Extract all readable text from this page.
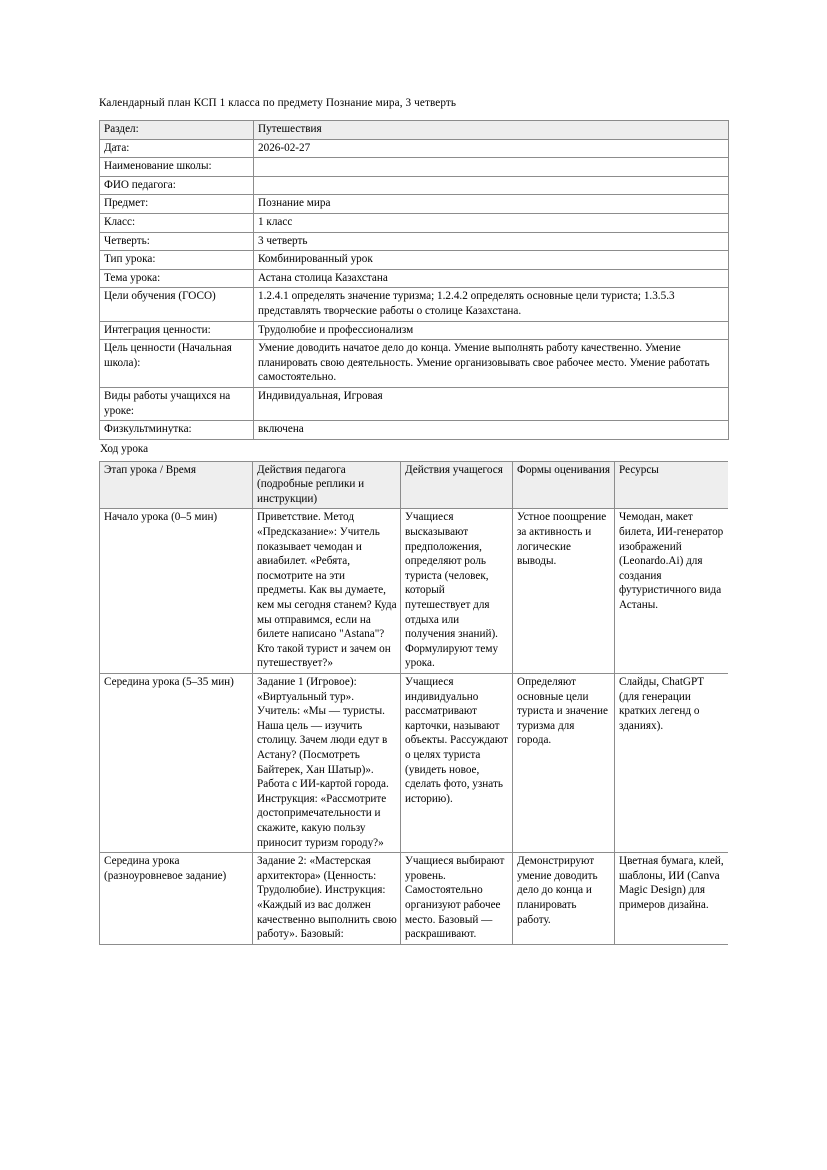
Календарный план КСП 1 класса по предмету Познание мира, 3 четверть

Раздел:	Путешествия
Дата:	2026-02-27
Наименование школы:	
ФИО педагога:	
Предмет:	Познание мира
Класс:	1 класс
Четверть:	3 четверть
Тип урока:	Комбинированный урок
Тема урока:	Астана столица Казахстана
Цели обучения (ГОСО)	1.2.4.1 определять значение туризма; 1.2.4.2 определять основные цели туриста; 1.3.5.3 представлять творческие работы о столице Казахстана.
Интеграция ценности:	Трудолюбие и профессионализм
Цель ценности (Начальная школа):	Умение доводить начатое дело до конца. Умение выполнять работу качественно. Умение планировать свою деятельность. Умение организовывать свое рабочее место. Умение работать самостоятельно.
Виды работы учащихся на уроке:	Индивидуальная, Игровая
Физкультминутка:	включена

Ход урока

Этап урока / Время	Действия педагога (подробные реплики и инструкции)	Действия учащегося	Формы оценивания	Ресурсы
Начало урока (0–5 мин)	Приветствие. Метод «Предсказание»: Учитель показывает чемодан и авиабилет. «Ребята, посмотрите на эти предметы. Как вы думаете, кем мы сегодня станем? Куда мы отправимся, если на билете написано "Astana"? Кто такой турист и зачем он путешествует?»	Учащиеся высказывают предположения, определяют роль туриста (человек, который путешествует для отдыха или получения знаний). Формулируют тему урока.	Устное поощрение за активность и логические выводы.	Чемодан, макет билета, ИИ-генератор изображений (Leonardo.Ai) для создания футуристичного вида Астаны.
Середина урока (5–35 мин)	Задание 1 (Игровое): «Виртуальный тур». Учитель: «Мы — туристы. Наша цель — изучить столицу. Зачем люди едут в Астану? (Посмотреть Байтерек, Хан Шатыр)». Работа с ИИ-картой города. Инструкция: «Рассмотрите достопримечательности и скажите, какую пользу приносит туризм городу?»	Учащиеся индивидуально рассматривают карточки, называют объекты. Рассуждают о целях туриста (увидеть новое, сделать фото, узнать историю).	Определяют основные цели туриста и значение туризма для города.	Слайды, ChatGPT (для генерации кратких легенд о зданиях).
Середина урока (разноуровневое задание)	Задание 2: «Мастерская архитектора» (Ценность: Трудолюбие). Инструкция: «Каждый из вас должен качественно выполнить свою работу». Базовый:	Учащиеся выбирают уровень. Самостоятельно организуют рабочее место. Базовый — раскрашивают.	Демонстрируют умение доводить дело до конца и планировать работу.	Цветная бумага, клей, шаблоны, ИИ (Canva Magic Design) для примеров дизайна.
